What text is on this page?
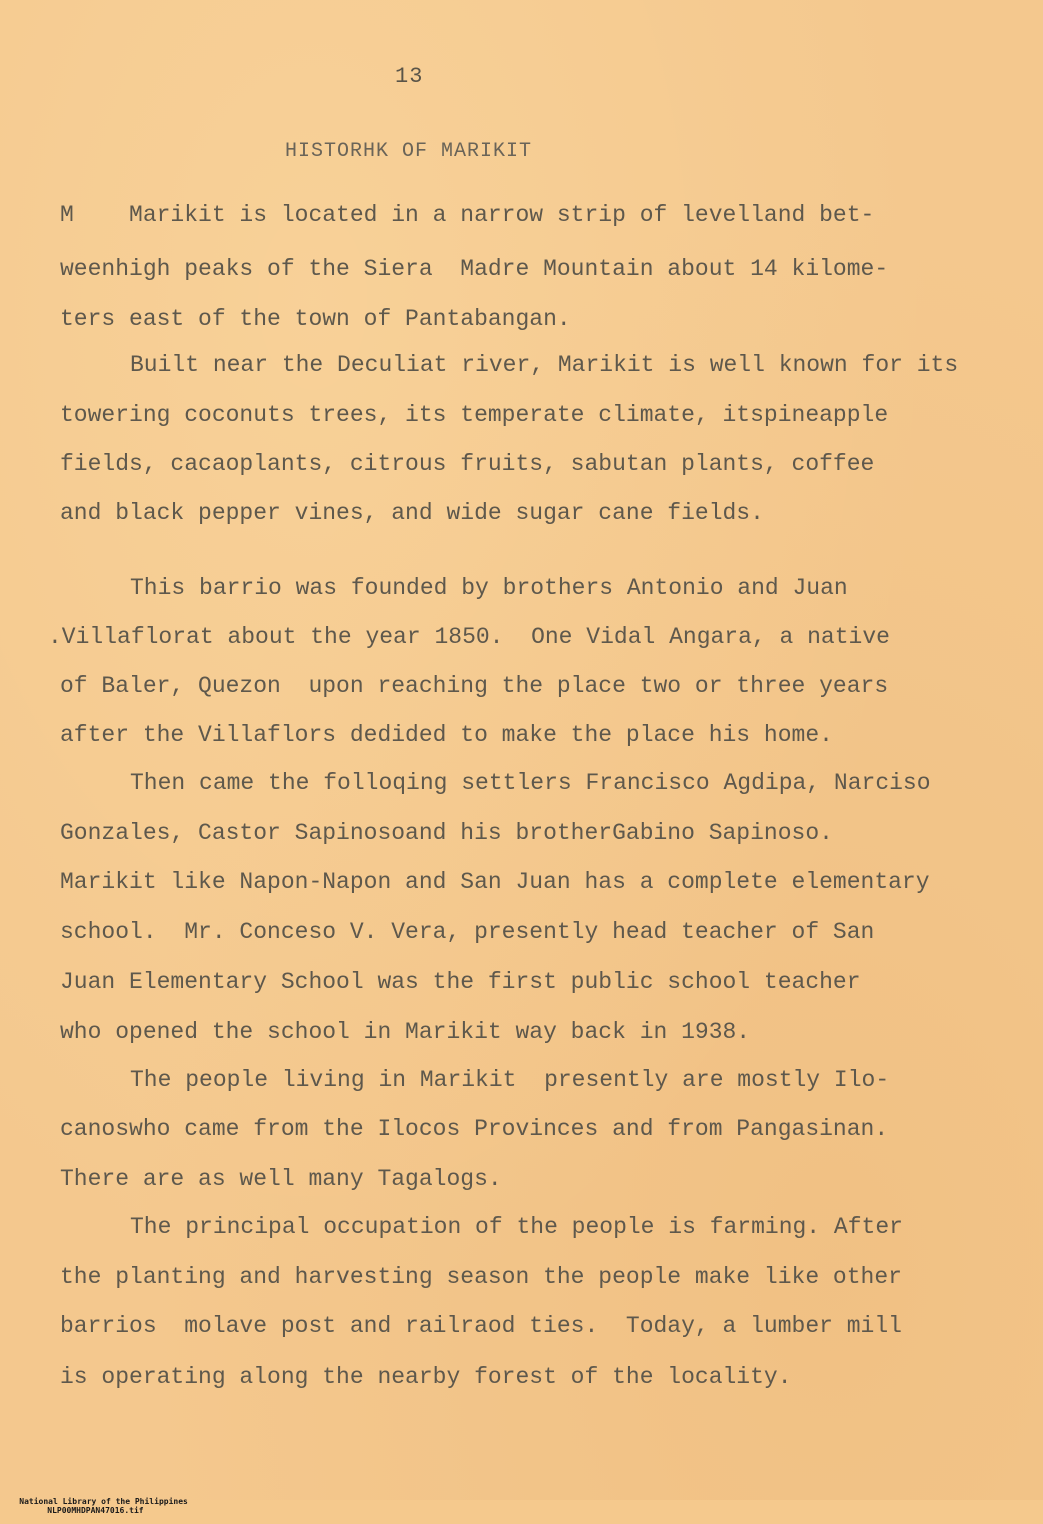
13
HISTORHK OF MARIKIT
M    Marikit is located in a narrow strip of levelland bet-
weenhigh peaks of the Siera  Madre Mountain about 14 kilome-
ters east of the town of Pantabangan.
Built near the Deculiat river, Marikit is well known for its
towering coconuts trees, its temperate climate, itspineapple
fields, cacaoplants, citrous fruits, sabutan plants, coffee
and black pepper vines, and wide sugar cane fields.
This barrio was founded by brothers Antonio and Juan
.Villaflorat about the year 1850.  One Vidal Angara, a native
of Baler, Quezon  upon reaching the place two or three years
after the Villaflors dedided to make the place his home.
Then came the folloqing settlers Francisco Agdipa, Narciso
Gonzales, Castor Sapinosoand his brotherGabino Sapinoso.
Marikit like Napon-Napon and San Juan has a complete elementary
school.  Mr. Conceso V. Vera, presently head teacher of San
Juan Elementary School was the first public school teacher
who opened the school in Marikit way back in 1938.
The people living in Marikit  presently are mostly Ilo-
canoswho came from the Ilocos Provinces and from Pangasinan.
There are as well many Tagalogs.
The principal occupation of the people is farming. After
the planting and harvesting season the people make like other
barrios  molave post and railraod ties.  Today, a lumber mill
is operating along the nearby forest of the locality.

National Library of the Philippines
NLP00MHDPAN47016.tif
